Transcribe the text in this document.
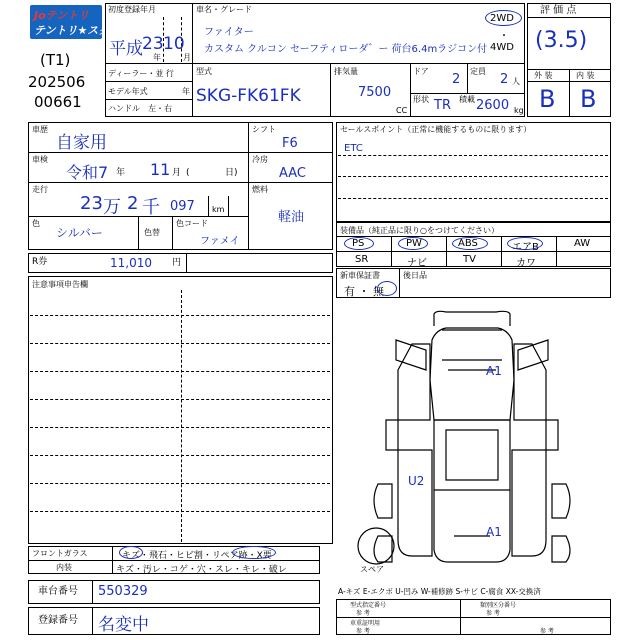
Joテントリ
テントリ★スター
(T1)
202506
00661
初度登録年月
平成 23 10
年	月
車名・グレード
ファイター
カスタム クルコン セーフティローダ゛ー 荷台6.4mラジコン付
2WD
・
4WD
ディーラー・並 行
モデル年式	年
ハンドル　左・右
型式
SKG-FK61FK
排気量
7500
CC
ドア
2
定員
2 人
形状 TR 積載 2600 kg
評 価 点
(3.5)
外 装	内 装
B B
車歴
自家用
車検
令和7 年 11 月 (	日)
走行
23 万 2 千 097 km
色
シルバー	色替
色コード
ファメイ
シフト
F6
冷房
AAC
燃料
軽油
R券	11,010 円
セールスポイント（正常に機能するものに限ります）
ETC
装備品（純正品に限り○をつけてください）
PS	PW	ABS	エアB	AW
SR	ナビ	TV	カワ
新車保証書
有 ・ 無
後日品
注意事項申告欄
A1
U2
A1
スペア
フロントガラス	キズ・飛石・ヒビ割・リペア跡・X要
内装	キズ・汚レ・コゲ・穴・スレ・キレ・破レ
車台番号 550329
登録番号 名変中
A-キズ E-エクボ U-凹み W-補修跡 S-サビ C-腐食 XX-交換済
型式指定番号
参 考
類別区分番号
参 考
車重証明用
参 考	参 考
